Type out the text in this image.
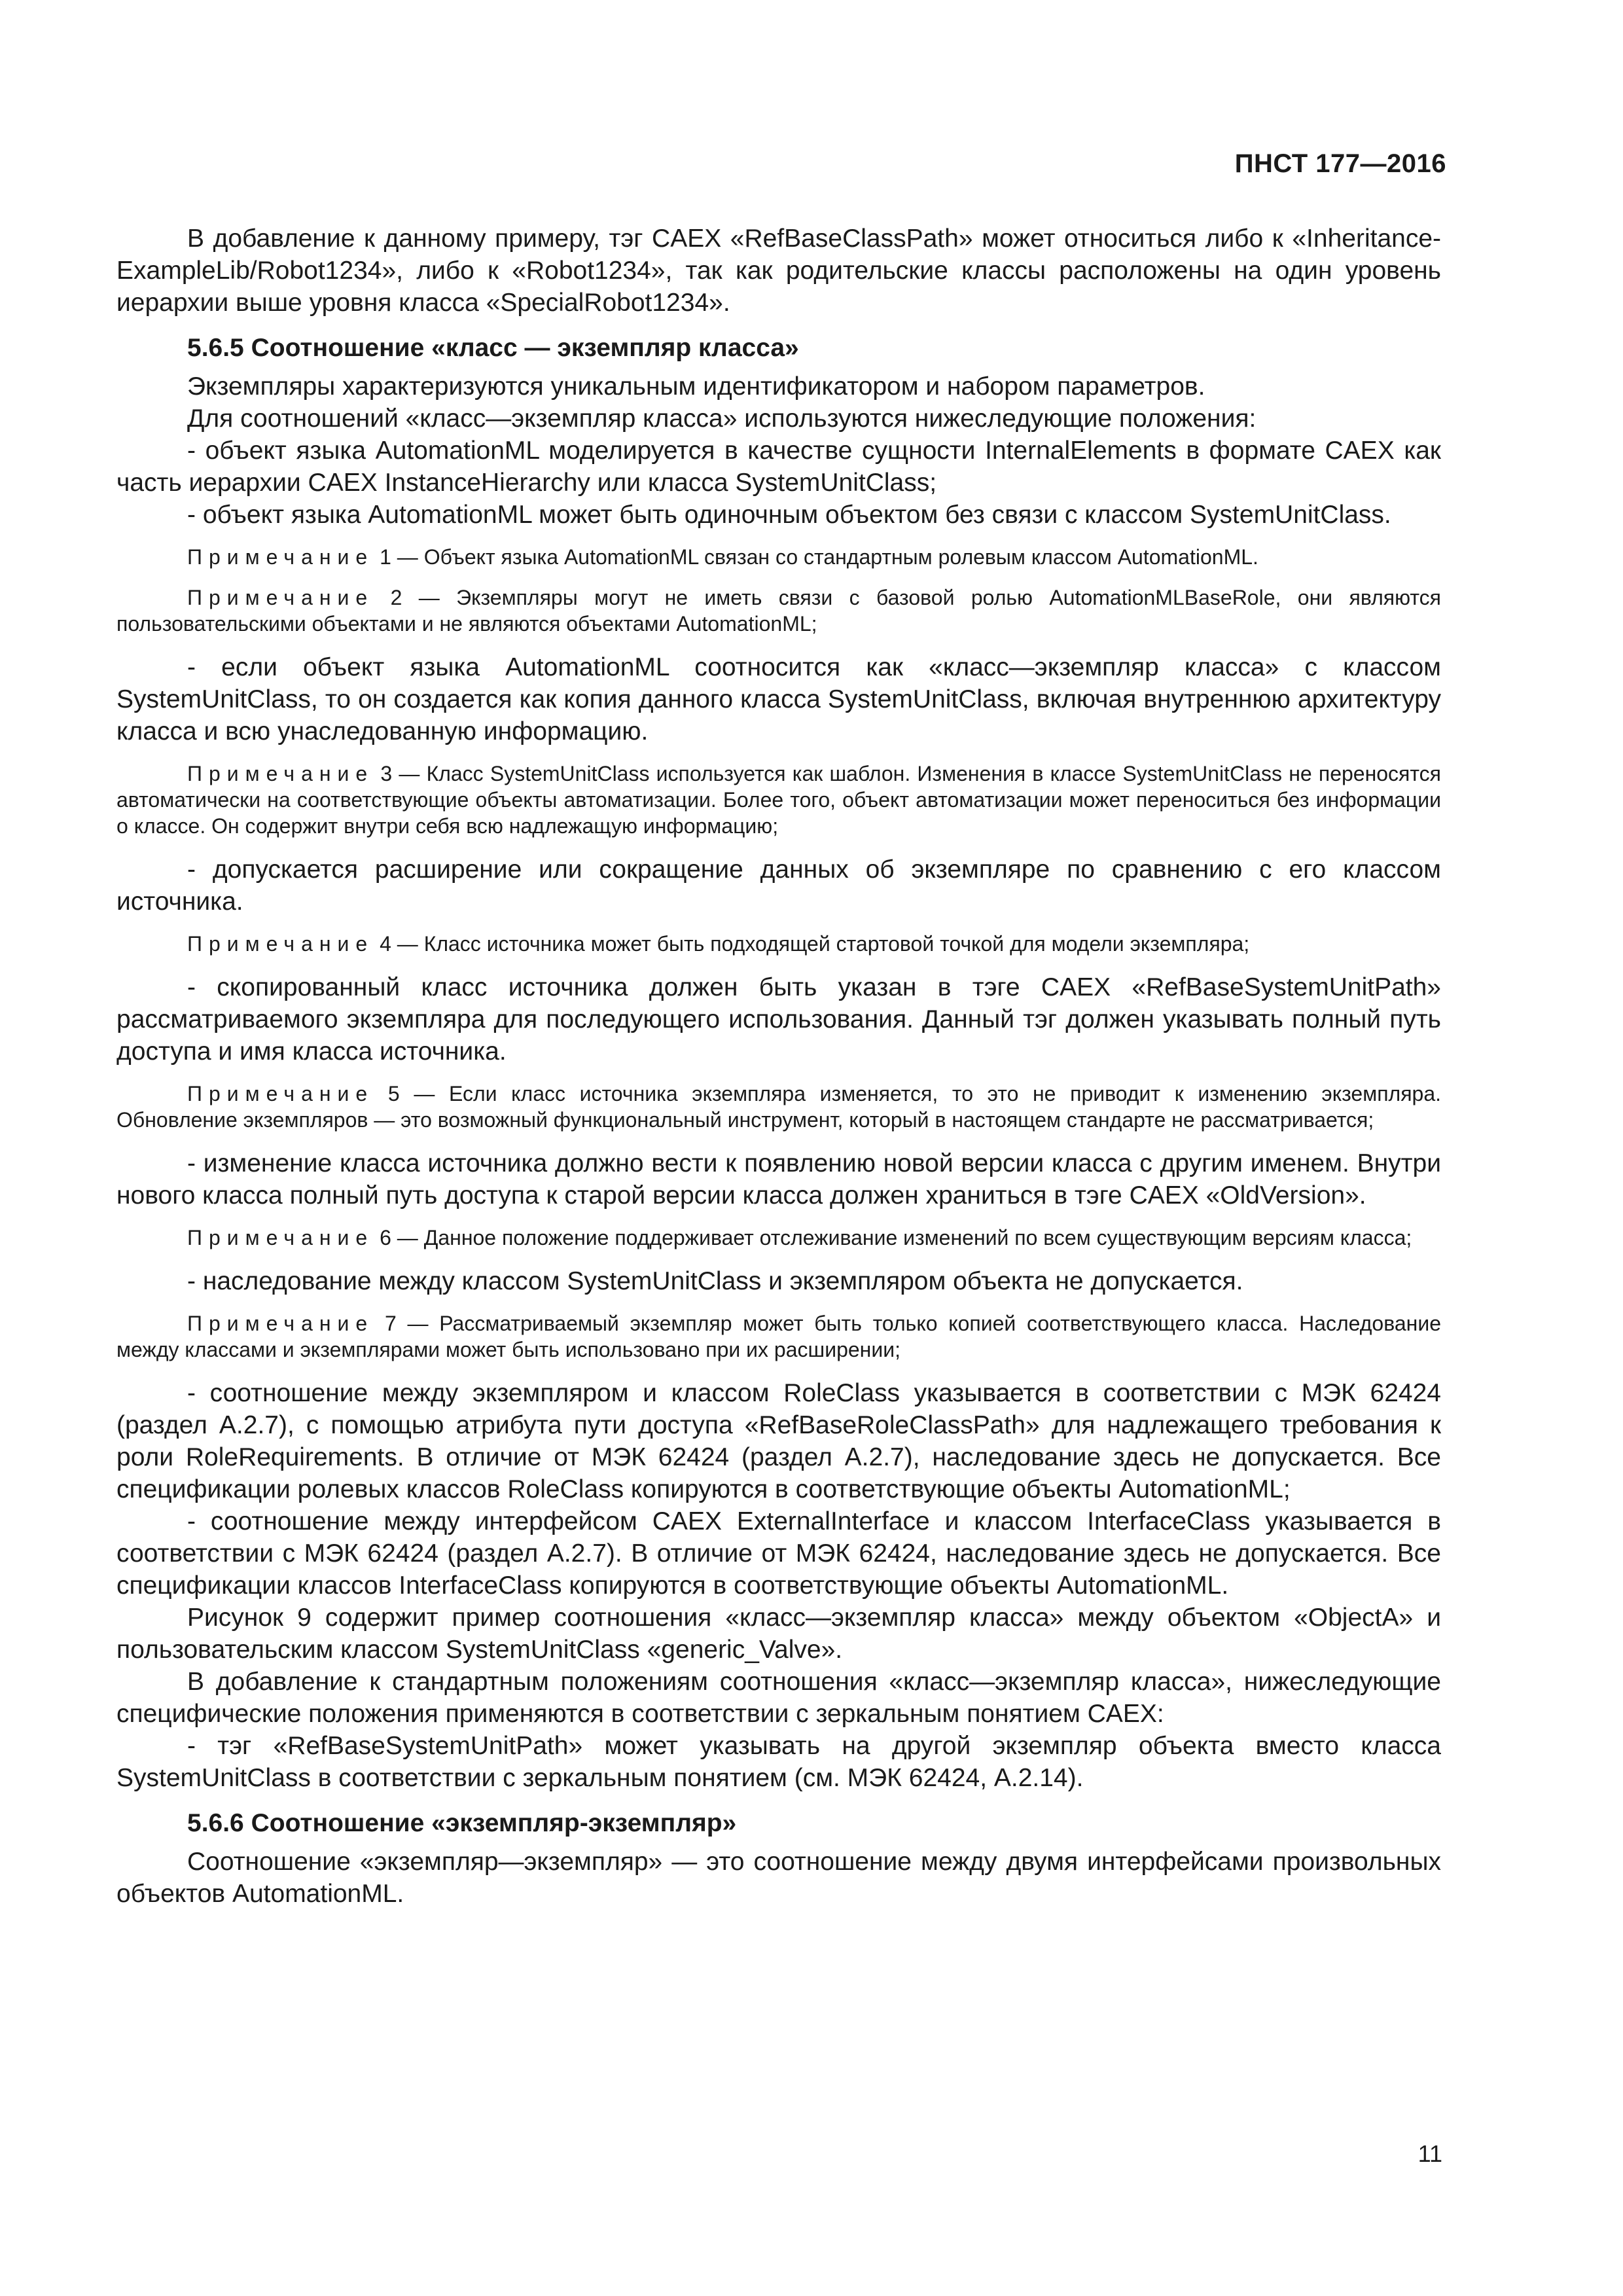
ПНСТ 177—2016

В добавление к данному примеру, тэг CAEX «RefBaseClassPath» может относиться либо к «Inheritance-ExampleLib/Robot1234», либо к «Robot1234», так как родительские классы расположены на один уровень иерархии выше уровня класса «SpecialRobot1234».

5.6.5 Соотношение «класс — экземпляр класса»

Экземпляры характеризуются уникальным идентификатором и набором параметров.

Для соотношений «класс—экземпляр класса» используются нижеследующие положения:

- объект языка AutomationML моделируется в качестве сущности InternalElements в формате CAEX как часть иерархии CAEX InstanceHierarchy или класса SystemUnitClass;

- объект языка AutomationML может быть одиночным объектом без связи с классом SystemUnitClass.

Примечание 1 — Объект языка AutomationML связан со стандартным ролевым классом AutomationML.

Примечание 2 — Экземпляры могут не иметь связи с базовой ролью AutomationMLBaseRole, они являются пользовательскими объектами и не являются объектами AutomationML;

- если объект языка AutomationML соотносится как «класс—экземпляр класса» с классом SystemUnitClass, то он создается как копия данного класса SystemUnitClass, включая внутреннюю архитектуру класса и всю унаследованную информацию.

Примечание 3 — Класс SystemUnitClass используется как шаблон. Изменения в классе SystemUnitClass не переносятся автоматически на соответствующие объекты автоматизации. Более того, объект автоматизации может переноситься без информации о классе. Он содержит внутри себя всю надлежащую информацию;

- допускается расширение или сокращение данных об экземпляре по сравнению с его классом источника.

Примечание 4 — Класс источника может быть подходящей стартовой точкой для модели экземпляра;

- скопированный класс источника должен быть указан в тэге CAEX «RefBaseSystemUnitPath» рассматриваемого экземпляра для последующего использования. Данный тэг должен указывать полный путь доступа и имя класса источника.

Примечание 5 — Если класс источника экземпляра изменяется, то это не приводит к изменению экземпляра. Обновление экземпляров — это возможный функциональный инструмент, который в настоящем стандарте не рассматривается;

- изменение класса источника должно вести к появлению новой версии класса с другим именем. Внутри нового класса полный путь доступа к старой версии класса должен храниться в тэге CAEX «OldVersion».

Примечание 6 — Данное положение поддерживает отслеживание изменений по всем существующим версиям класса;

- наследование между классом SystemUnitClass и экземпляром объекта не допускается.

Примечание 7 — Рассматриваемый экземпляр может быть только копией соответствующего класса. Наследование между классами и экземплярами может быть использовано при их расширении;

- соотношение между экземпляром и классом RoleClass указывается в соответствии с МЭК 62424 (раздел А.2.7), с помощью атрибута пути доступа «RefBaseRoleClassPath» для надлежащего требования к роли RoleRequirements. В отличие от МЭК 62424 (раздел А.2.7), наследование здесь не допускается. Все спецификации ролевых классов RoleClass копируются в соответствующие объекты AutomationML;

- соотношение между интерфейсом CAEX ExternalInterface и классом InterfaceClass указывается в соответствии с МЭК 62424 (раздел А.2.7). В отличие от МЭК 62424, наследование здесь не допускается. Все спецификации классов InterfaceClass копируются в соответствующие объекты AutomationML.

Рисунок 9 содержит пример соотношения «класс—экземпляр класса» между объектом «ObjectA» и пользовательским классом SystemUnitClass «generic_Valve».

В добавление к стандартным положениям соотношения «класс—экземпляр класса», нижеследующие специфические положения применяются в соответствии с зеркальным понятием CAEX:

- тэг «RefBaseSystemUnitPath» может указывать на другой экземпляр объекта вместо класса SystemUnitClass в соответствии с зеркальным понятием (см. МЭК 62424, А.2.14).

5.6.6 Соотношение «экземпляр-экземпляр»

Соотношение «экземпляр—экземпляр» — это соотношение между двумя интерфейсами произвольных объектов AutomationML.

11
